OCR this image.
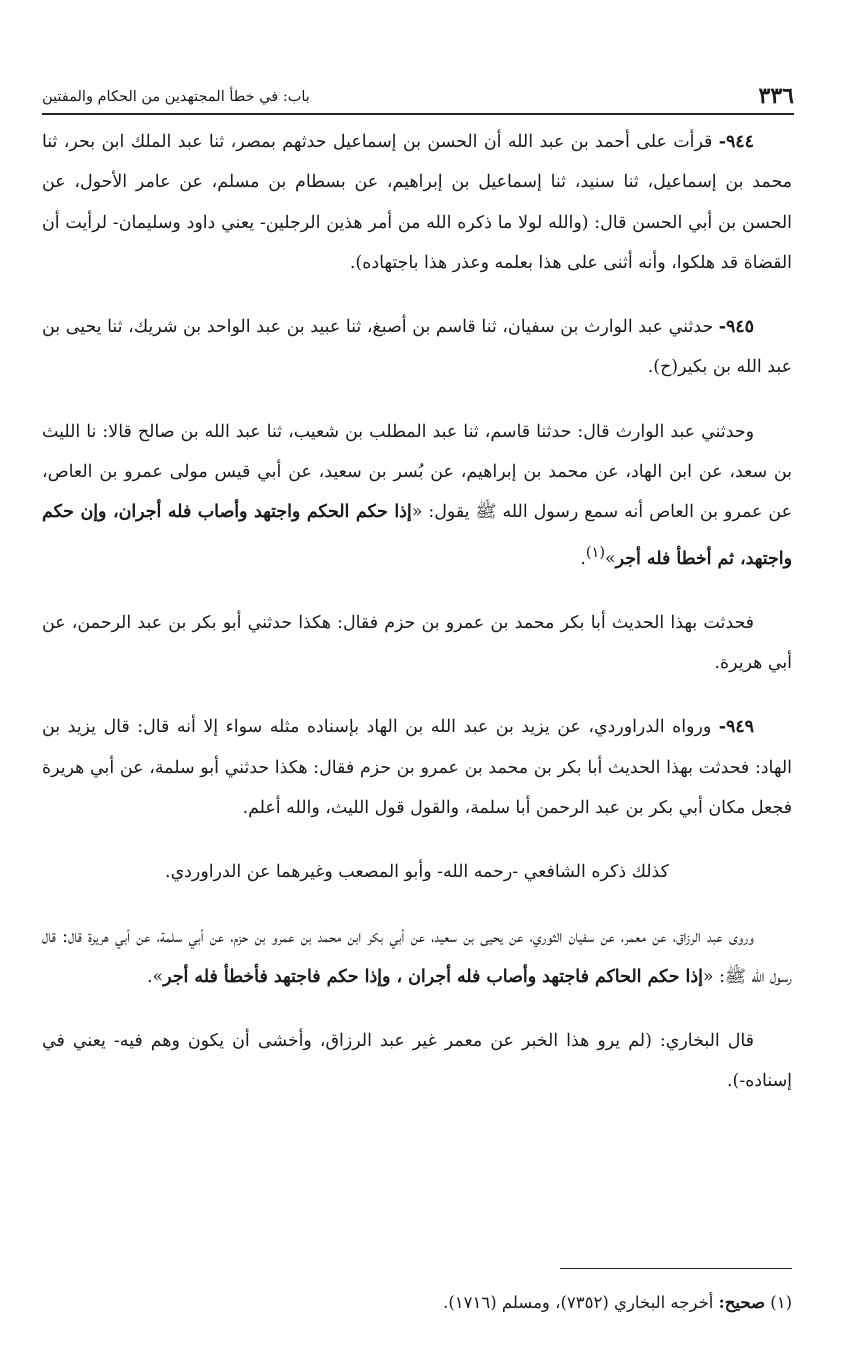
٣٣٦
باب: في خطأ المجتهدين من الحكام والمفتين

٩٤٤- قرأت على أحمد بن عبد الله أن الحسن بن إسماعيل حدثهم بمصر، ثنا عبد الملك ابن بحر، ثنا محمد بن إسماعيل، ثنا سنيد، ثنا إسماعيل بن إبراهيم، عن بسطام بن مسلم، عن عامر الأحول، عن الحسن بن أبي الحسن قال: (والله لولا ما ذكره الله من أمر هذين الرجلين- يعني داود وسليمان- لرأيت أن القضاة قد هلكوا، وأنه أثنى على هذا بعلمه وعذر هذا باجتهاده).

٩٤٥- حدثني عبد الوارث بن سفيان، ثنا قاسم بن أصبغ، ثنا عبيد بن عبد الواحد بن شريك، ثنا يحيى بن عبد الله بن بكير(ح).

وحدثني عبد الوارث قال: حدثنا قاسم، ثنا عبد المطلب بن شعيب، ثنا عبد الله بن صالح قالا: نا الليث بن سعد، عن ابن الهاد، عن محمد بن إبراهيم، عن بُسر بن سعيد، عن أبي قيس مولى عمرو بن العاص، عن عمرو بن العاص أنه سمع رسول الله ﷺ يقول: «إذا حكم الحكم واجتهد وأصاب فله أجران، وإن حكم واجتهد، ثم أخطأ فله أجر»$^{(١)}$.

فحدثت بهذا الحديث أبا بكر محمد بن عمرو بن حزم فقال: هكذا حدثني أبو بكر بن عبد الرحمن، عن أبي هريرة.

٩٤٩- ورواه الدراوردي، عن يزيد بن عبد الله بن الهاد بإسناده مثله سواء إلا أنه قال: قال يزيد بن الهاد: فحدثت بهذا الحديث أبا بكر بن محمد بن عمرو بن حزم فقال: هكذا حدثني أبو سلمة، عن أبي هريرة فجعل مكان أبي بكر بن عبد الرحمن أبا سلمة، والقول قول الليث، والله أعلم.

كذلك ذكره الشافعي -رحمه الله- وأبو المصعب وغيرهما عن الدراوردي.

وروى عبد الرزاق، عن معمر، عن سفيان الثوري، عن يحيى بن سعيد، عن أبي بكر ابن محمد بن عمرو بن حزم، عن أبي سلمة، عن أبي هريرة قال: قال رسول الله ﷺ: «إذا حكم الحاكم فاجتهد وأصاب فله أجران ، وإذا حكم فاجتهد فأخطأ فله أجر».

قال البخاري: (لم يرو هذا الخبر عن معمر غير عبد الرزاق، وأخشى أن يكون وهم فيه- يعني في إسناده-).

(١) صحيح: أخرجه البخاري (٧٣٥٢)، ومسلم (١٧١٦).
